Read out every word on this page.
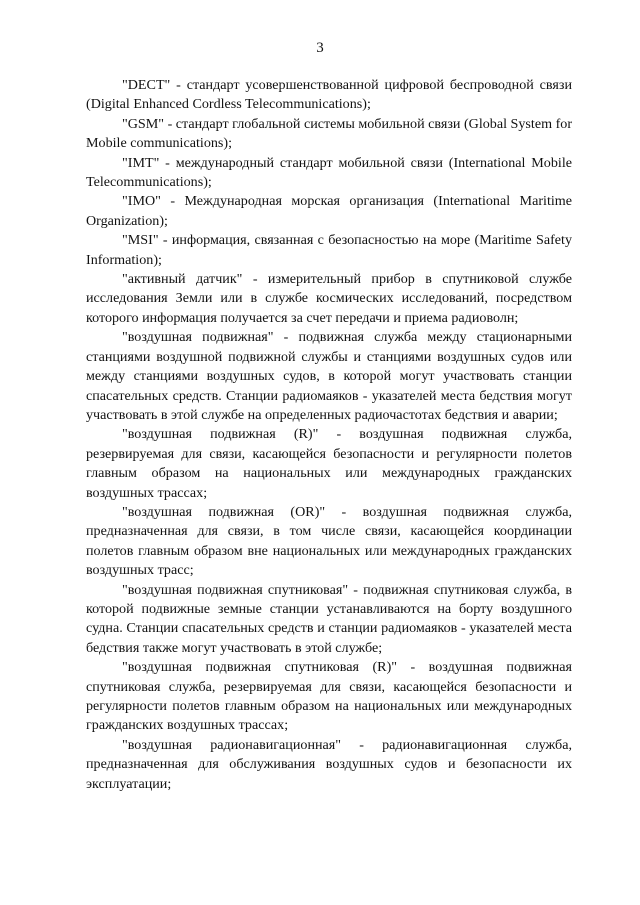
3

"DECT" - стандарт усовершенствованной цифровой беспроводной связи (Digital Enhanced Cordless Telecommunications);

"GSM" - стандарт глобальной системы мобильной связи (Global System for Mobile communications);

"IMT" - международный стандарт мобильной связи (International Mobile Telecommunications);

"IMO" - Международная морская организация (International Maritime Organization);

"MSI" - информация, связанная с безопасностью на море (Maritime Safety Information);

"активный датчик" - измерительный прибор в спутниковой службе исследования Земли или в службе космических исследований, посредством которого информация получается за счет передачи и приема радиоволн;

"воздушная подвижная" - подвижная служба между стационарными станциями воздушной подвижной службы и станциями воздушных судов или между станциями воздушных судов, в которой могут участвовать станции спасательных средств. Станции радиомаяков - указателей места бедствия могут участвовать в этой службе на определенных радиочастотах бедствия и аварии;

"воздушная подвижная (R)" - воздушная подвижная служба, резервируемая для связи, касающейся безопасности и регулярности полетов главным образом на национальных или международных гражданских воздушных трассах;

"воздушная подвижная (OR)" - воздушная подвижная служба, предназначенная для связи, в том числе связи, касающейся координации полетов главным образом вне национальных или международных гражданских воздушных трасс;

"воздушная подвижная спутниковая" - подвижная спутниковая служба, в которой подвижные земные станции устанавливаются на борту воздушного судна. Станции спасательных средств и станции радиомаяков - указателей места бедствия также могут участвовать в этой службе;

"воздушная подвижная спутниковая (R)" - воздушная подвижная спутниковая служба, резервируемая для связи, касающейся безопасности и регулярности полетов главным образом на национальных или международных гражданских воздушных трассах;

"воздушная радионавигационная" - радионавигационная служба, предназначенная для обслуживания воздушных судов и безопасности их эксплуатации;
